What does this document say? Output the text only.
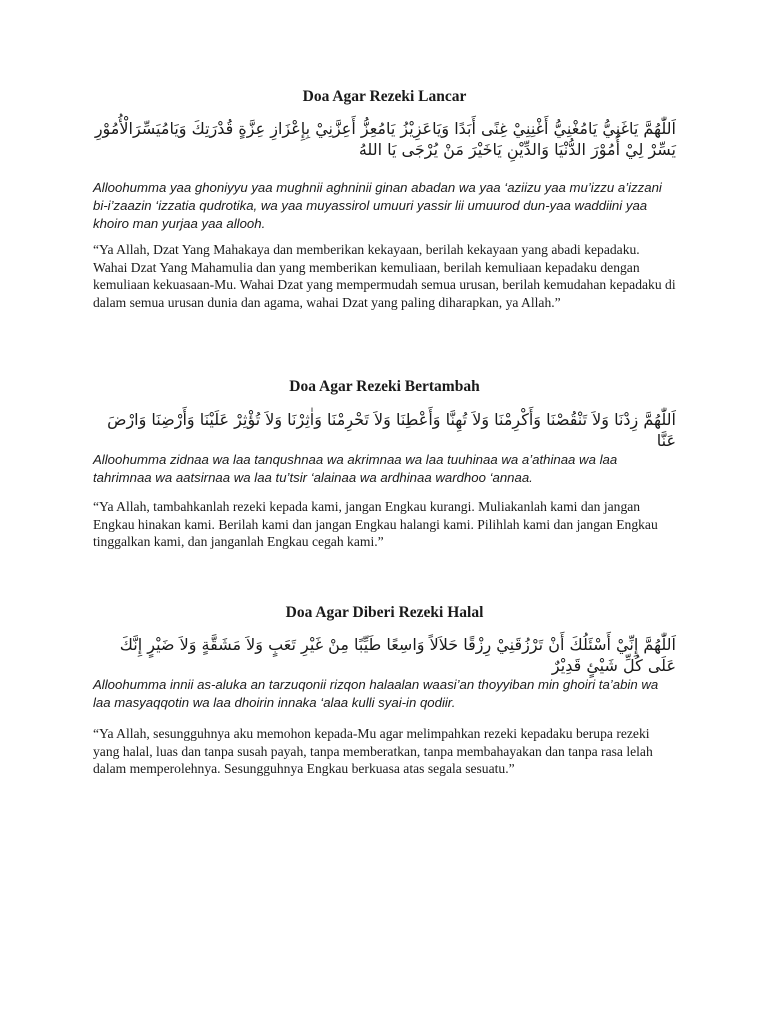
Doa Agar Rezeki Lancar

اَللّٰهُمَّ يَاغَنِيُّ يَامُغْنِيُّ أَغْنِنِيْ غِنًى أَبَدًا وَيَاعَزِيْزُ يَامُعِزُّ أَعِزَّنِيْ بِإِعْزَازِ عِزَّةٍ قُدْرَتِكَ وَيَامُيَسِّرَالْأُمُوْرِ يَسِّرْ لِيْ أُمُوْرَ الدُّنْيَا وَالدِّيْنِ يَاخَيْرَ مَنْ يُرْجَى يَا اللهُ

Alloohumma yaa ghoniyyu yaa mughnii aghninii ginan abadan wa yaa ‘aziizu yaa mu’izzu a’izzani bi-i’zaazin ‘izzatia qudrotika, wa yaa muyassirol umuuri yassir lii umuurod dun-yaa waddiini yaa khoiro man yurjaa yaa allooh.

“Ya Allah, Dzat Yang Mahakaya dan memberikan kekayaan, berilah kekayaan yang abadi kepadaku. Wahai Dzat Yang Mahamulia dan yang memberikan kemuliaan, berilah kemuliaan kepadaku dengan kemuliaan kekuasaan-Mu. Wahai Dzat yang mempermudah semua urusan, berilah kemudahan kepadaku di dalam semua urusan dunia dan agama, wahai Dzat yang paling diharapkan, ya Allah.”

Doa Agar Rezeki Bertambah

اَللّٰهُمَّ زِدْنَا وَلاَ تَنْقُصْنَا وَأَكْرِمْنَا وَلاَ تُهِنَّا وَأَعْطِنَا وَلاَ تَحْرِمْنَا وَاٰثِرْنَا وَلاَ تُؤْثِرْ عَلَيْنَا وَأَرْضِنَا وَارْضَ عَنَّا

Alloohumma zidnaa wa laa tanqushnaa wa akrimnaa wa laa tuuhinaa wa a’athinaa wa laa tahrimnaa wa aatsirnaa wa laa tu’tsir ‘alainaa wa ardhinaa wardhoo ‘annaa.

“Ya Allah, tambahkanlah rezeki kepada kami, jangan Engkau kurangi. Muliakanlah kami dan jangan Engkau hinakan kami. Berilah kami dan jangan Engkau halangi kami. Pilihlah kami dan jangan Engkau tinggalkan kami, dan janganlah Engkau cegah kami.”

Doa Agar Diberi Rezeki Halal

اَللّٰهُمَّ إِنِّيْ أَسْئَلُكَ أَنْ تَرْزُقَنِيْ رِزْقًا حَلاَلاً وَاسِعًا طَيِّبًا مِنْ غَيْرِ تَعَبٍ وَلاَ مَشَقَّةٍ وَلاَ ضَيْرٍ إِنَّكَ عَلَى كُلِّ شَيْئٍ قَدِيْرٌ

Alloohumma innii as-aluka an tarzuqonii rizqon halaalan waasi’an thoyyiban min ghoiri ta’abin wa laa masyaqqotin wa laa dhoirin innaka ‘alaa kulli syai-in qodiir.

“Ya Allah, sesungguhnya aku memohon kepada-Mu agar melimpahkan rezeki kepadaku berupa rezeki yang halal, luas dan tanpa susah payah, tanpa memberatkan, tanpa membahayakan dan tanpa rasa lelah dalam memperolehnya. Sesungguhnya Engkau berkuasa atas segala sesuatu.”
